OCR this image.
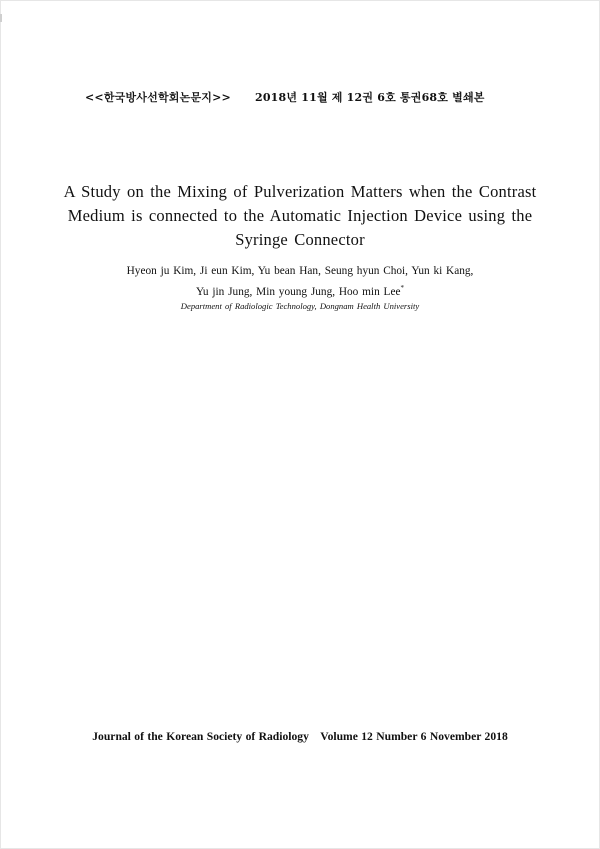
<<한국방사선학회논문지>> 2018년 11월 제 12권 6호 통권68호 별쇄본
A Study on the Mixing of Pulverization Matters when the Contrast
Medium is connected to the Automatic Injection Device using the
Syringe Connector
Hyeon ju Kim, Ji eun Kim, Yu bean Han, Seung hyun Choi, Yun ki Kang,
Yu jin Jung, Min young Jung, Hoo min Lee*
Department of Radiologic Technology, Dongnam Health University
Journal of the Korean Society of Radiology Volume 12 Number 6 November 2018
